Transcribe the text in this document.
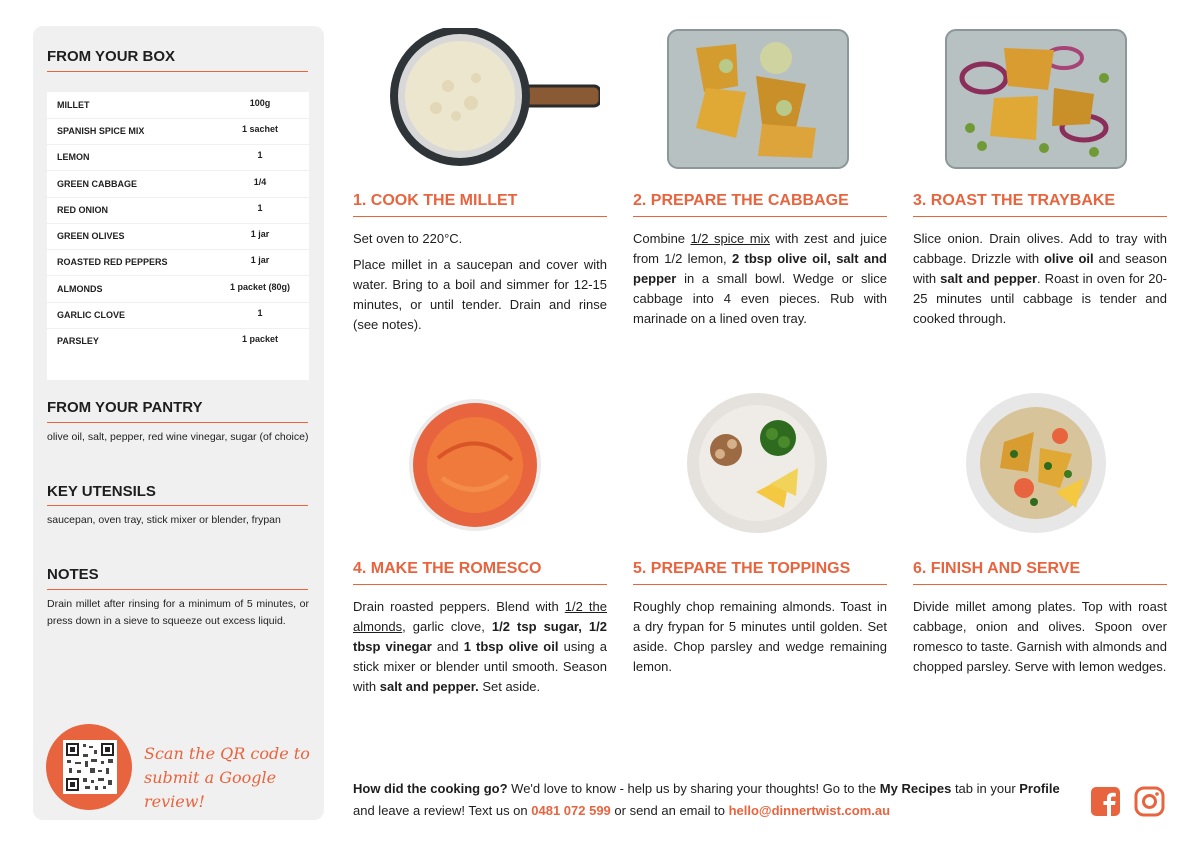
FROM YOUR BOX
MILLET	100g
SPANISH SPICE MIX	1 sachet
LEMON	1
GREEN CABBAGE	1/4
RED ONION	1
GREEN OLIVES	1 jar
ROASTED RED PEPPERS	1 jar
ALMONDS	1 packet (80g)
GARLIC CLOVE	1
PARSLEY	1 packet
FROM YOUR PANTRY

olive oil, salt, pepper, red wine vinegar, sugar (of choice)

KEY UTENSILS

saucepan, oven tray, stick mixer or blender, frypan

NOTES

Drain millet after rinsing for a minimum of 5 minutes, or press down in a sieve to squeeze out excess liquid.

Scan the QR code to submit a Google review!

1. COOK THE MILLET

Set oven to 220°C.

Place millet in a saucepan and cover with water. Bring to a boil and simmer for 12-15 minutes, or until tender. Drain and rinse (see notes).

2. PREPARE THE CABBAGE

Combine 1/2 spice mix with zest and juice from 1/2 lemon, 2 tbsp olive oil, salt and pepper in a small bowl. Wedge or slice cabbage into 4 even pieces. Rub with marinade on a lined oven tray.

3. ROAST THE TRAYBAKE

Slice onion. Drain olives. Add to tray with cabbage. Drizzle with olive oil and season with salt and pepper. Roast in oven for 20-25 minutes until cabbage is tender and cooked through.

4. MAKE THE ROMESCO

Drain roasted peppers. Blend with 1/2 the almonds, garlic clove, 1/2 tsp sugar, 1/2 tbsp vinegar and 1 tbsp olive oil using a stick mixer or blender until smooth. Season with salt and pepper. Set aside.

5. PREPARE THE TOPPINGS

Roughly chop remaining almonds. Toast in a dry frypan for 5 minutes until golden. Set aside. Chop parsley and wedge remaining lemon.

6. FINISH AND SERVE

Divide millet among plates. Top with roast cabbage, onion and olives. Spoon over romesco to taste. Garnish with almonds and chopped parsley. Serve with lemon wedges.

How did the cooking go? We'd love to know - help us by sharing your thoughts! Go to the My Recipes tab in your Profile and leave a review! Text us on 0481 072 599 or send an email to hello@dinnertwist.com.au
